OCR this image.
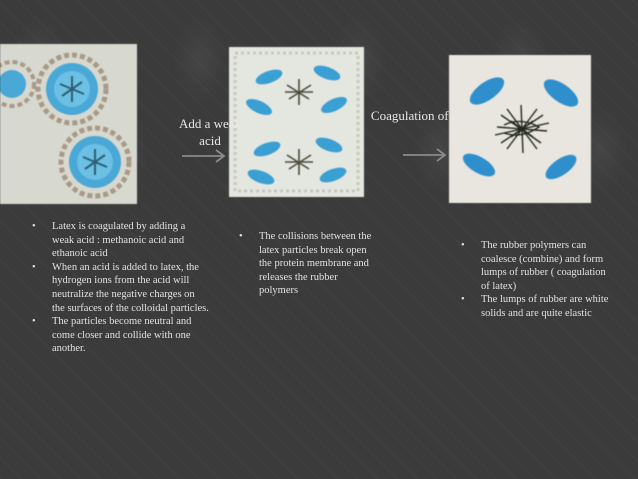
Add a weak acid
Coagulation of latex
• Latex is coagulated by adding a weak acid : methanoic acid and ethanoic acid
• When an acid is added to latex, the hydrogen ions from the acid will neutralize the negative charges on the surfaces of the colloidal particles.
• The particles become neutral and come closer and collide with one another.
• The collisions between the latex particles break open the protein membrane and releases the rubber polymers
• The rubber polymers can coalesce (combine) and form lumps of rubber ( coagulation of latex)
• The lumps of rubber are white solids and are quite elastic
